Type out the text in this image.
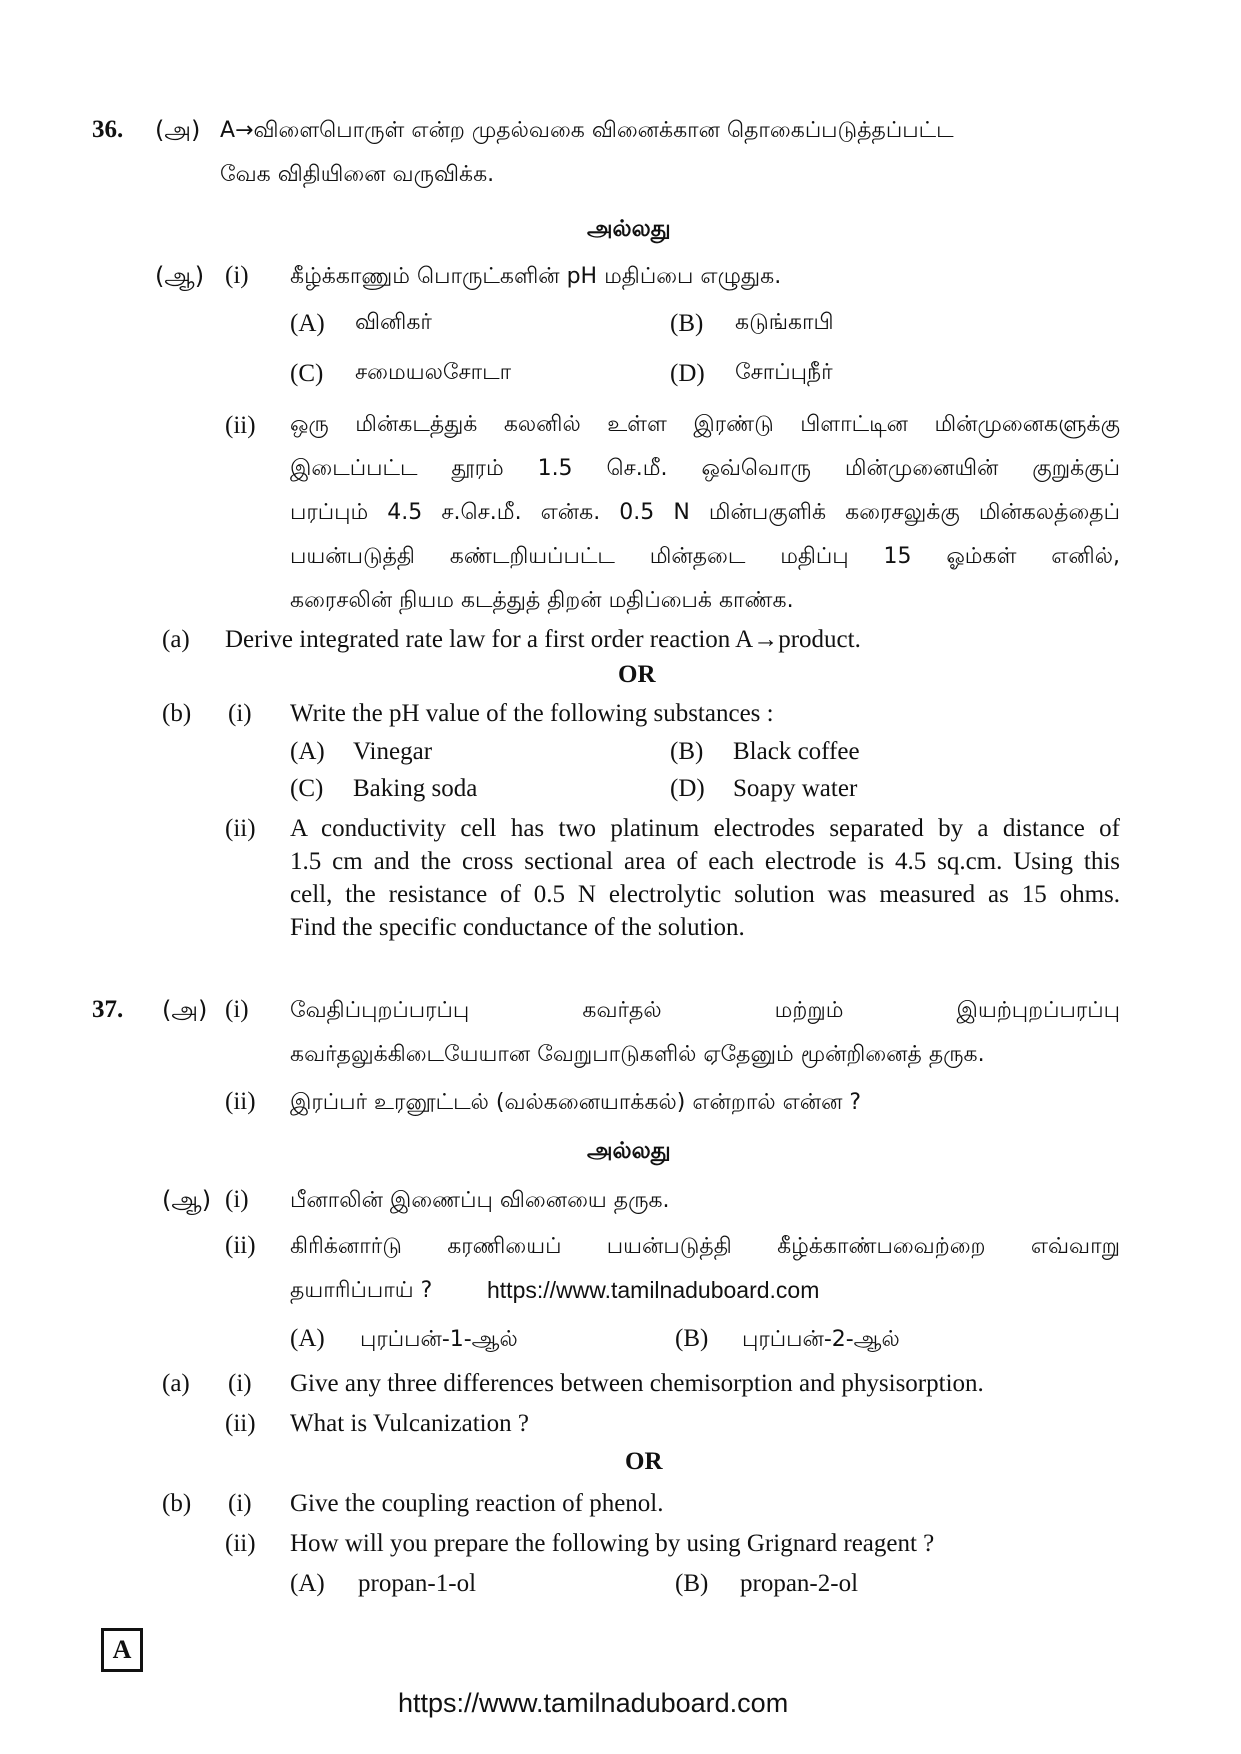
36. (அ) A→விளைபொருள் என்ற முதல்வகை வினைக்கான தொகைப்படுத்தப்பட்ட
வேக விதியினை வருவிக்க.
அல்லது
(ஆ) (i) கீழ்க்காணும் பொருட்களின் pH மதிப்பை எழுதுக.
(A) வினிகர்	(B) கடுங்காபி
(C) சமையலசோடா	(D) சோப்புநீர்
(ii) ஒரு மின்கடத்துக் கலனில் உள்ள இரண்டு பிளாட்டின மின்முனைகளுக்கு
இடைப்பட்ட தூரம் 1.5 செ.மீ. ஒவ்வொரு மின்முனையின் குறுக்குப்
பரப்பும் 4.5 ச.செ.மீ. என்க. 0.5 N மின்பகுளிக் கரைசலுக்கு மின்கலத்தைப்
பயன்படுத்தி கண்டறியப்பட்ட மின்தடை மதிப்பு 15 ஓம்கள் எனில்,
கரைசலின் நியம கடத்துத் திறன் மதிப்பைக் காண்க.
(a) Derive integrated rate law for a first order reaction A→product.
OR
(b) (i) Write the pH value of the following substances :
(A) Vinegar	(B) Black coffee
(C) Baking soda	(D) Soapy water
(ii) A conductivity cell has two platinum electrodes separated by a distance of
1.5 cm and the cross sectional area of each electrode is 4.5 sq.cm. Using this
cell, the resistance of 0.5 N electrolytic solution was measured as 15 ohms.
Find the specific conductance of the solution.
37. (அ) (i) வேதிப்புறப்பரப்பு கவர்தல் மற்றும் இயற்புறப்பரப்பு
கவர்தலுக்கிடையேயான வேறுபாடுகளில் ஏதேனும் மூன்றினைத் தருக.
(ii) இரப்பர் உரனூட்டல் (வல்கனையாக்கல்) என்றால் என்ன ?
அல்லது
(ஆ) (i) பீனாலின் இணைப்பு வினையை தருக.
(ii) கிரிக்னார்டு கரணியைப் பயன்படுத்தி கீழ்க்காண்பவைற்றை எவ்வாறு
தயாரிப்பாய் ? https://www.tamilnaduboard.com
(A) புரப்பன்-1-ஆல்	(B) புரப்பன்-2-ஆல்
(a) (i) Give any three differences between chemisorption and physisorption.
(ii) What is Vulcanization ?
OR
(b) (i) Give the coupling reaction of phenol.
(ii) How will you prepare the following by using Grignard reagent ?
(A) propan-1-ol	(B) propan-2-ol
A
https://www.tamilnaduboard.com
